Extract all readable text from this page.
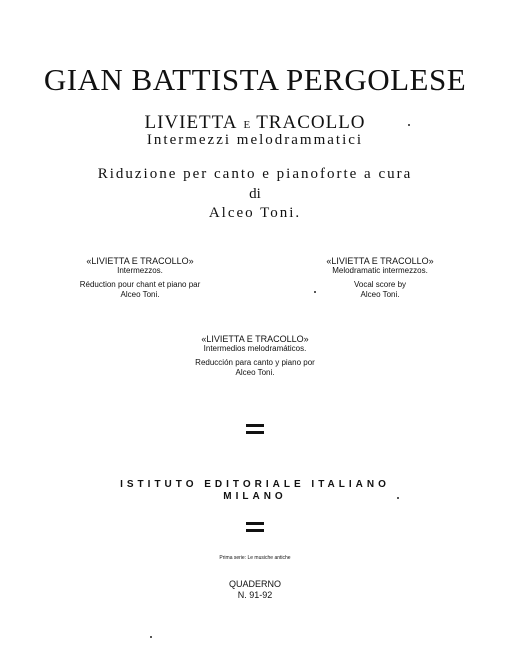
GIAN BATTISTA PERGOLESE
LIVIETTA E TRACOLLO
Intermezzi melodrammatici
Riduzione per canto e pianoforte a cura
di
Alceo Toni.
«LIVIETTA E TRACOLLO»
Intermezzos.
Réduction pour chant et piano par
Alceo Toni.
«LIVIETTA E TRACOLLO»
Melodramatic intermezzos.
Vocal score by
Alceo Toni.
«LIVIETTA E TRACOLLO»
Intermedios melodramáticos.
Reducción para canto y piano por
Alceo Toni.
ISTITUTO EDITORIALE ITALIANO
MILANO
Prima serie: Le musiche antiche
QUADERNO
N. 91-92
